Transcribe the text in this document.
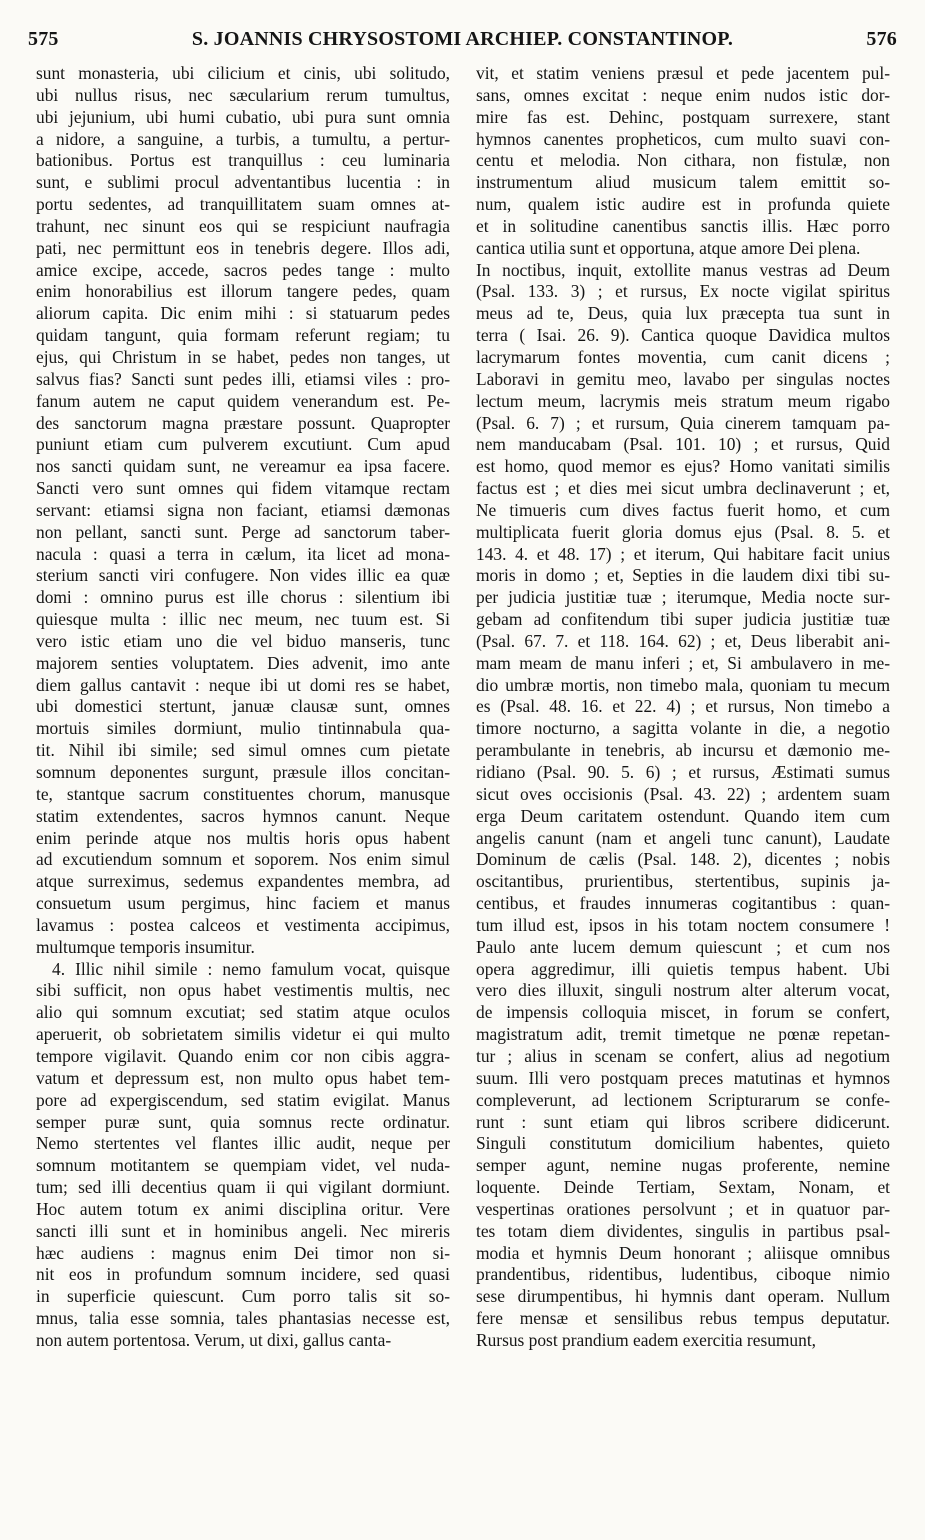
575	S. JOANNIS CHRYSOSTOMI ARCHIEP. CONSTANTINOP.	576
sunt monasteria, ubi cilicium et cinis, ubi solitudo,
ubi nullus risus, nec sæcularium rerum tumultus,
ubi jejunium, ubi humi cubatio, ubi pura sunt omnia
a nidore, a sanguine, a turbis, a tumultu, a pertur-
bationibus. Portus est tranquillus : ceu luminaria
sunt, e sublimi procul adventantibus lucentia : in
portu sedentes, ad tranquillitatem suam omnes at-
trahunt, nec sinunt eos qui se respiciunt naufragia
pati, nec permittunt eos in tenebris degere. Illos adi,
amice excipe, accede, sacros pedes tange : multo
enim honorabilius est illorum tangere pedes, quam
aliorum capita. Dic enim mihi : si statuarum pedes
quidam tangunt, quia formam referunt regiam; tu
ejus, qui Christum in se habet, pedes non tanges, ut
salvus fias? Sancti sunt pedes illi, etiamsi viles : pro-
fanum autem ne caput quidem venerandum est. Pe-
des sanctorum magna præstare possunt. Quapropter
puniunt etiam cum pulverem excutiunt. Cum apud
nos sancti quidam sunt, ne vereamur ea ipsa facere.
Sancti vero sunt omnes qui fidem vitamque rectam
servant: etiamsi signa non faciant, etiamsi dæmonas
non pellant, sancti sunt. Perge ad sanctorum taber-
nacula : quasi a terra in cælum, ita licet ad mona-
sterium sancti viri confugere. Non vides illic ea quæ
domi : omnino purus est ille chorus : silentium ibi
quiesque multa : illic nec meum, nec tuum est. Si
vero istic etiam uno die vel biduo manseris, tunc
majorem senties voluptatem. Dies advenit, imo ante
diem gallus cantavit : neque ibi ut domi res se habet,
ubi domestici stertunt, januæ clausæ sunt, omnes
mortuis similes dormiunt, mulio tintinnabula qua-
tit. Nihil ibi simile; sed simul omnes cum pietate
somnum deponentes surgunt, præsule illos concitan-
te, stantque sacrum constituentes chorum, manusque
statim extendentes, sacros hymnos canunt. Neque
enim perinde atque nos multis horis opus habent
ad excutiendum somnum et soporem. Nos enim simul
atque surreximus, sedemus expandentes membra, ad
consuetum usum pergimus, hinc faciem et manus
lavamus : postea calceos et vestimenta accipimus,
multumque temporis insumitur.
4. Illic nihil simile : nemo famulum vocat, quisque
sibi sufficit, non opus habet vestimentis multis, nec
alio qui somnum excutiat; sed statim atque oculos
aperuerit, ob sobrietatem similis videtur ei qui multo
tempore vigilavit. Quando enim cor non cibis aggra-
vatum et depressum est, non multo opus habet tem-
pore ad expergiscendum, sed statim evigilat. Manus
semper puræ sunt, quia somnus recte ordinatur.
Nemo stertentes vel flantes illic audit, neque per
somnum motitantem se quempiam videt, vel nuda-
tum; sed illi decentius quam ii qui vigilant dormiunt.
Hoc autem totum ex animi disciplina oritur. Vere
sancti illi sunt et in hominibus angeli. Nec mireris
hæc audiens : magnus enim Dei timor non si-
nit eos in profundum somnum incidere, sed quasi
in superficie quiescunt. Cum porro talis sit so-
mnus, talia esse somnia, tales phantasias necesse est,
non autem portentosa. Verum, ut dixi, gallus canta-
vit, et statim veniens præsul et pede jacentem pul-
sans, omnes excitat : neque enim nudos istic dor-
mire fas est. Dehinc, postquam surrexere, stant
hymnos canentes propheticos, cum multo suavi con-
centu et melodia. Non cithara, non fistulæ, non
instrumentum aliud musicum talem emittit so-
num, qualem istic audire est in profunda quiete
et in solitudine canentibus sanctis illis. Hæc porro
cantica utilia sunt et opportuna, atque amore Dei plena.
In noctibus, inquit, extollite manus vestras ad Deum
(Psal. 133. 3) ; et rursus, Ex nocte vigilat spiritus
meus ad te, Deus, quia lux præcepta tua sunt in
terra ( Isai. 26. 9). Cantica quoque Davidica multos
lacrymarum fontes moventia, cum canit dicens ;
Laboravi in gemitu meo, lavabo per singulas noctes
lectum meum, lacrymis meis stratum meum rigabo
(Psal. 6. 7) ; et rursum, Quia cinerem tamquam pa-
nem manducabam (Psal. 101. 10) ; et rursus, Quid
est homo, quod memor es ejus? Homo vanitati similis
factus est ; et dies mei sicut umbra declinaverunt ; et,
Ne timueris cum dives factus fuerit homo, et cum
multiplicata fuerit gloria domus ejus (Psal. 8. 5. et
143. 4. et 48. 17) ; et iterum, Qui habitare facit unius
moris in domo ; et, Septies in die laudem dixi tibi su-
per judicia justitiæ tuæ ; iterumque, Media nocte sur-
gebam ad confitendum tibi super judicia justitiæ tuæ
(Psal. 67. 7. et 118. 164. 62) ; et, Deus liberabit ani-
mam meam de manu inferi ; et, Si ambulavero in me-
dio umbræ mortis, non timebo mala, quoniam tu mecum
es (Psal. 48. 16. et 22. 4) ; et rursus, Non timebo a
timore nocturno, a sagitta volante in die, a negotio
perambulante in tenebris, ab incursu et dæmonio me-
ridiano (Psal. 90. 5. 6) ; et rursus, Æstimati sumus
sicut oves occisionis (Psal. 43. 22) ; ardentem suam
erga Deum caritatem ostendunt. Quando item cum
angelis canunt (nam et angeli tunc canunt), Laudate
Dominum de cælis (Psal. 148. 2), dicentes ; nobis
oscitantibus, prurientibus, stertentibus, supinis ja-
centibus, et fraudes innumeras cogitantibus : quan-
tum illud est, ipsos in his totam noctem consumere !
Paulo ante lucem demum quiescunt ; et cum nos
opera aggredimur, illi quietis tempus habent. Ubi
vero dies illuxit, singuli nostrum alter alterum vocat,
de impensis colloquia miscet, in forum se confert,
magistratum adit, tremit timetque ne pœnæ repetan-
tur ; alius in scenam se confert, alius ad negotium
suum. Illi vero postquam preces matutinas et hymnos
compleverunt, ad lectionem Scripturarum se confe-
runt : sunt etiam qui libros scribere didicerunt.
Singuli constitutum domicilium habentes, quieto
semper agunt, nemine nugas proferente, nemine
loquente. Deinde Tertiam, Sextam, Nonam, et
vespertinas orationes persolvunt ; et in quatuor par-
tes totam diem dividentes, singulis in partibus psal-
modia et hymnis Deum honorant ; aliisque omnibus
prandentibus, ridentibus, ludentibus, ciboque nimio
sese dirumpentibus, hi hymnis dant operam. Nullum
fere mensæ et sensilibus rebus tempus deputatur.
Rursus post prandium eadem exercitia resumunt,
